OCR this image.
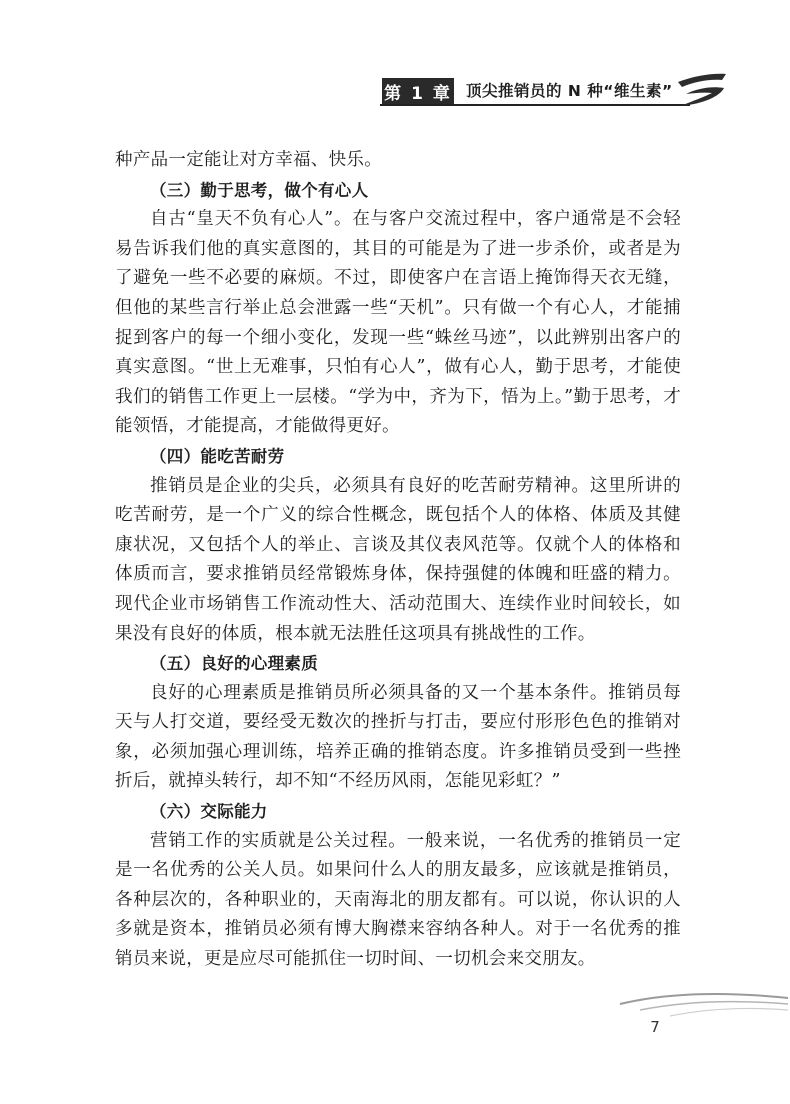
第 1 章 顶尖推销员的 N 种“维生素”

种产品一定能让对方幸福、快乐。

（三）勤于思考，做个有心人

自古“皇天不负有心人”。在与客户交流过程中，客户通常是不会轻易告诉我们他的真实意图的，其目的可能是为了进一步杀价，或者是为了避免一些不必要的麻烦。不过，即使客户在言语上掩饰得天衣无缝，但他的某些言行举止总会泄露一些“天机”。只有做一个有心人，才能捕捉到客户的每一个细小变化，发现一些“蛛丝马迹”，以此辨别出客户的真实意图。“世上无难事，只怕有心人”，做有心人，勤于思考，才能使我们的销售工作更上一层楼。“学为中，齐为下，悟为上。”勤于思考，才能领悟，才能提高，才能做得更好。

（四）能吃苦耐劳

推销员是企业的尖兵，必须具有良好的吃苦耐劳精神。这里所讲的吃苦耐劳，是一个广义的综合性概念，既包括个人的体格、体质及其健康状况，又包括个人的举止、言谈及其仪表风范等。仅就个人的体格和体质而言，要求推销员经常锻炼身体，保持强健的体魄和旺盛的精力。现代企业市场销售工作流动性大、活动范围大、连续作业时间较长，如果没有良好的体质，根本就无法胜任这项具有挑战性的工作。

（五）良好的心理素质

良好的心理素质是推销员所必须具备的又一个基本条件。推销员每天与人打交道，要经受无数次的挫折与打击，要应付形形色色的推销对象，必须加强心理训练，培养正确的推销态度。许多推销员受到一些挫折后，就掉头转行，却不知“不经历风雨，怎能见彩虹？”

（六）交际能力

营销工作的实质就是公关过程。一般来说，一名优秀的推销员一定是一名优秀的公关人员。如果问什么人的朋友最多，应该就是推销员，各种层次的，各种职业的，天南海北的朋友都有。可以说，你认识的人多就是资本，推销员必须有博大胸襟来容纳各种人。对于一名优秀的推销员来说，更是应尽可能抓住一切时间、一切机会来交朋友。

7
